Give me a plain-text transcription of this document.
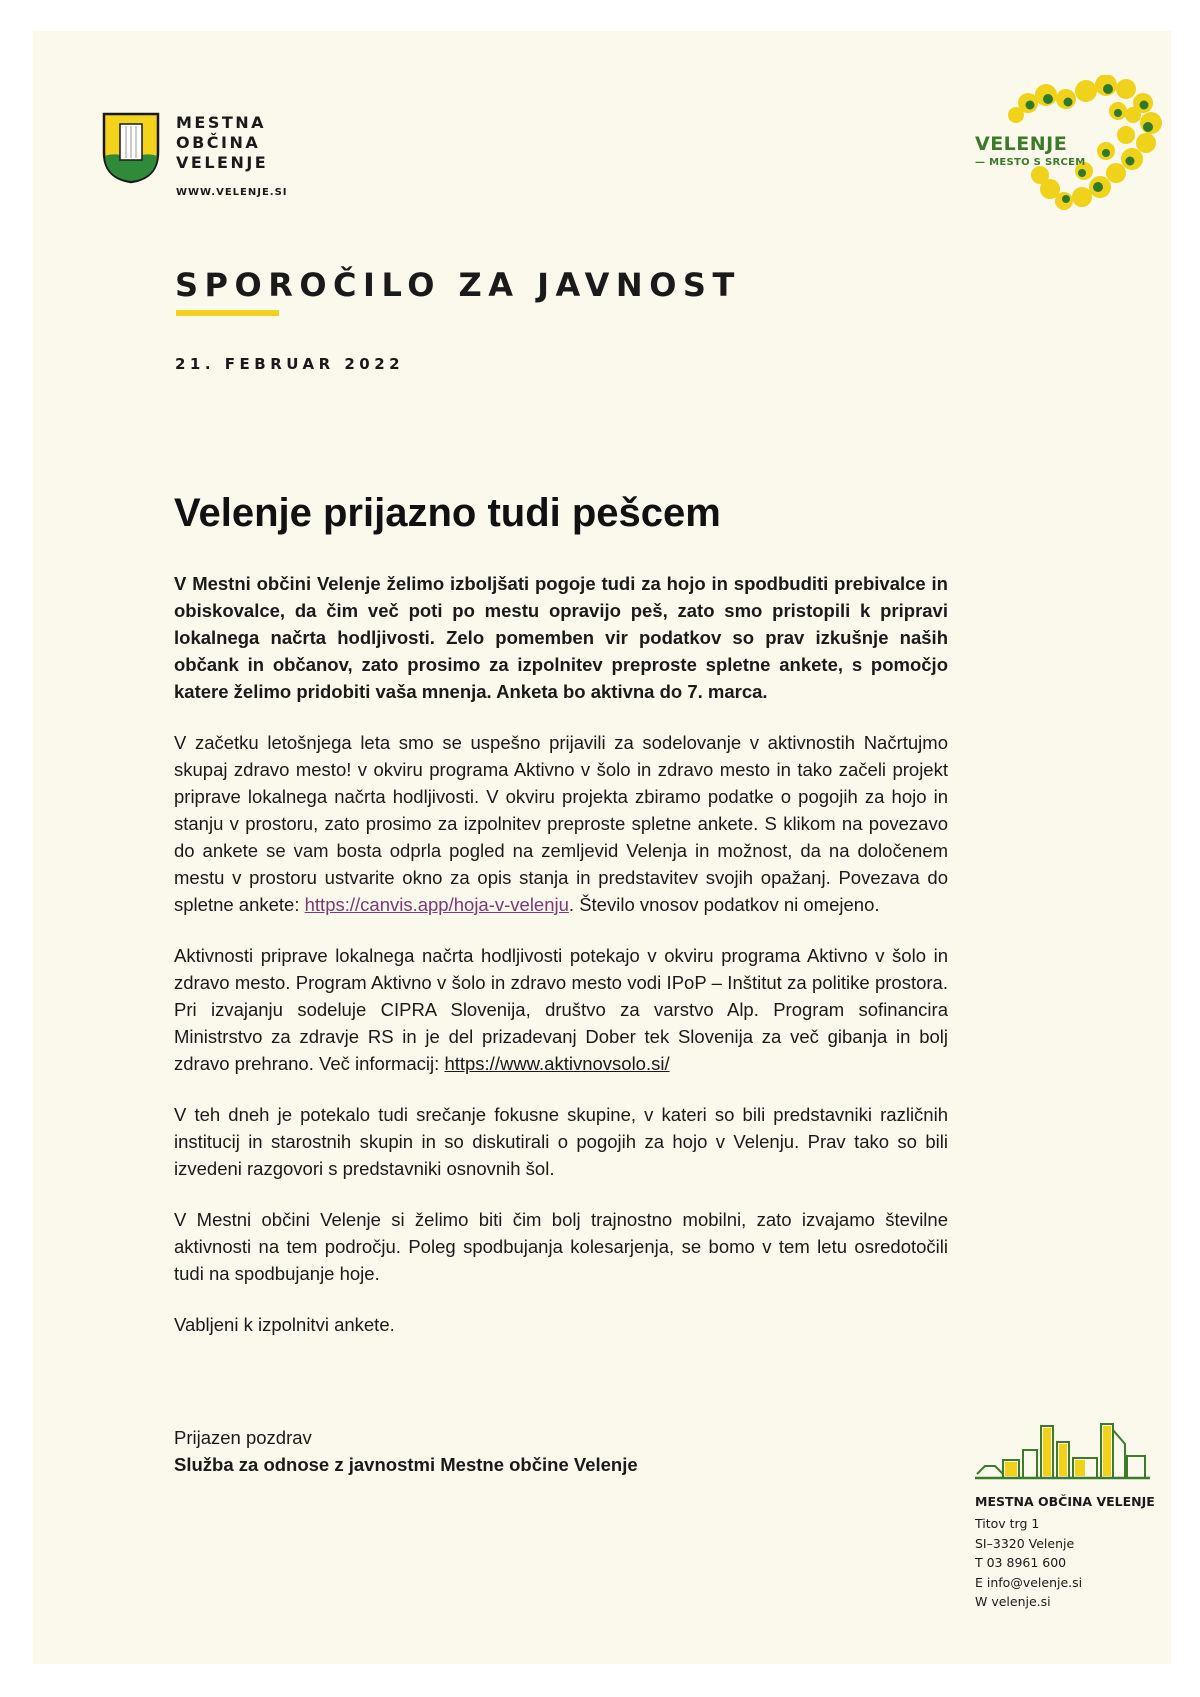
MESTNA
OBČINA
VELENJE
WWW.VELENJE.SI
VELENJE
— MESTO S SRCEM
SPOROČILO ZA JAVNOST
21. FEBRUAR 2022
Velenje prijazno tudi pešcem

V Mestni občini Velenje želimo izboljšati pogoje tudi za hojo in spodbuditi prebivalce in obiskovalce, da čim več poti po mestu opravijo peš, zato smo pristopili k pripravi lokalnega načrta hodljivosti. Zelo pomemben vir podatkov so prav izkušnje naših občank in občanov, zato prosimo za izpolnitev preproste spletne ankete, s pomočjo katere želimo pridobiti vaša mnenja. Anketa bo aktivna do 7. marca.

V začetku letošnjega leta smo se uspešno prijavili za sodelovanje v aktivnostih Načrtujmo skupaj zdravo mesto! v okviru programa Aktivno v šolo in zdravo mesto in tako začeli projekt priprave lokalnega načrta hodljivosti. V okviru projekta zbiramo podatke o pogojih za hojo in stanju v prostoru, zato prosimo za izpolnitev preproste spletne ankete. S klikom na povezavo do ankete se vam bosta odprla pogled na zemljevid Velenja in možnost, da na določenem mestu v prostoru ustvarite okno za opis stanja in predstavitev svojih opažanj. Povezava do spletne ankete: https://canvis.app/hoja-v-velenju. Število vnosov podatkov ni omejeno.

Aktivnosti priprave lokalnega načrta hodljivosti potekajo v okviru programa Aktivno v šolo in zdravo mesto. Program Aktivno v šolo in zdravo mesto vodi IPoP – Inštitut za politike prostora. Pri izvajanju sodeluje CIPRA Slovenija, društvo za varstvo Alp. Program sofinancira Ministrstvo za zdravje RS in je del prizadevanj Dober tek Slovenija za več gibanja in bolj zdravo prehrano. Več informacij: https://www.aktivnovsolo.si/

V teh dneh je potekalo tudi srečanje fokusne skupine, v kateri so bili predstavniki različnih institucij in starostnih skupin in so diskutirali o pogojih za hojo v Velenju. Prav tako so bili izvedeni razgovori s predstavniki osnovnih šol.

V Mestni občini Velenje si želimo biti čim bolj trajnostno mobilni, zato izvajamo številne aktivnosti na tem področju. Poleg spodbujanja kolesarjenja, se bomo v tem letu osredotočili tudi na spodbujanje hoje.

Vabljeni k izpolnitvi ankete.

Prijazen pozdrav
Služba za odnose z javnostmi Mestne občine Velenje
MESTNA OBČINA VELENJE
Titov trg 1
SI–3320 Velenje
T 03 8961 600
E info@velenje.si
W velenje.si
